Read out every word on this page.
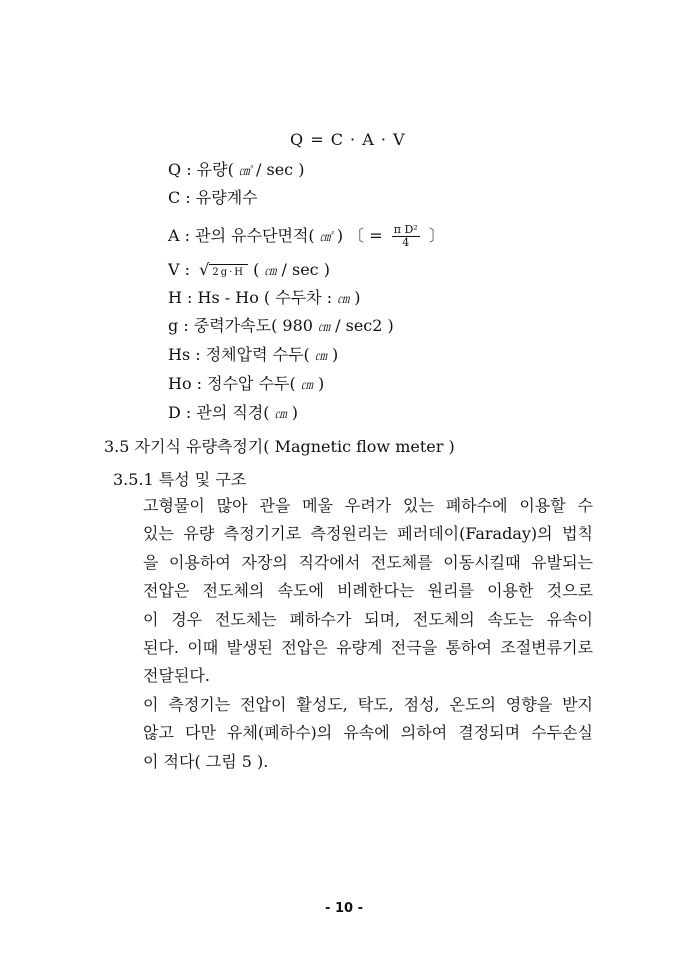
Q = C · A · V
Q : 유량( ㎤ / sec )
C : 유량계수
A : 관의 유수단면적( ㎠ ) 〔 = $\frac{\text{π D²}}{4}$ 〕
V : √ 2g·H ( ㎝ / sec )
H : Hs - Ho ( 수두차 : ㎝ )
g : 중력가속도( 980 ㎝ / sec2 )
Hs : 정체압력 수두( ㎝ )
Ho : 정수압 수두( ㎝ )
D : 관의 직경( ㎝ )
3.5 자기식 유량측정기( Magnetic flow meter )
3.5.1 특성 및 구조
고형물이 많아 관을 메울 우려가 있는 폐하수에 이용할 수
있는 유량 측정기기로 측정원리는 페러데이(Faraday)의 법칙
을 이용하여 자장의 직각에서 전도체를 이동시킬때 유발되는
전압은 전도체의 속도에 비례한다는 원리를 이용한 것으로
이 경우 전도체는 폐하수가 되며, 전도체의 속도는 유속이
된다. 이때 발생된 전압은 유량계 전극을 통하여 조절변류기로
전달된다.
이 측정기는 전압이 활성도, 탁도, 점성, 온도의 영향을 받지
않고 다만 유체(폐하수)의 유속에 의하여 결정되며 수두손실
이 적다( 그림 5 ).
- 10 -
